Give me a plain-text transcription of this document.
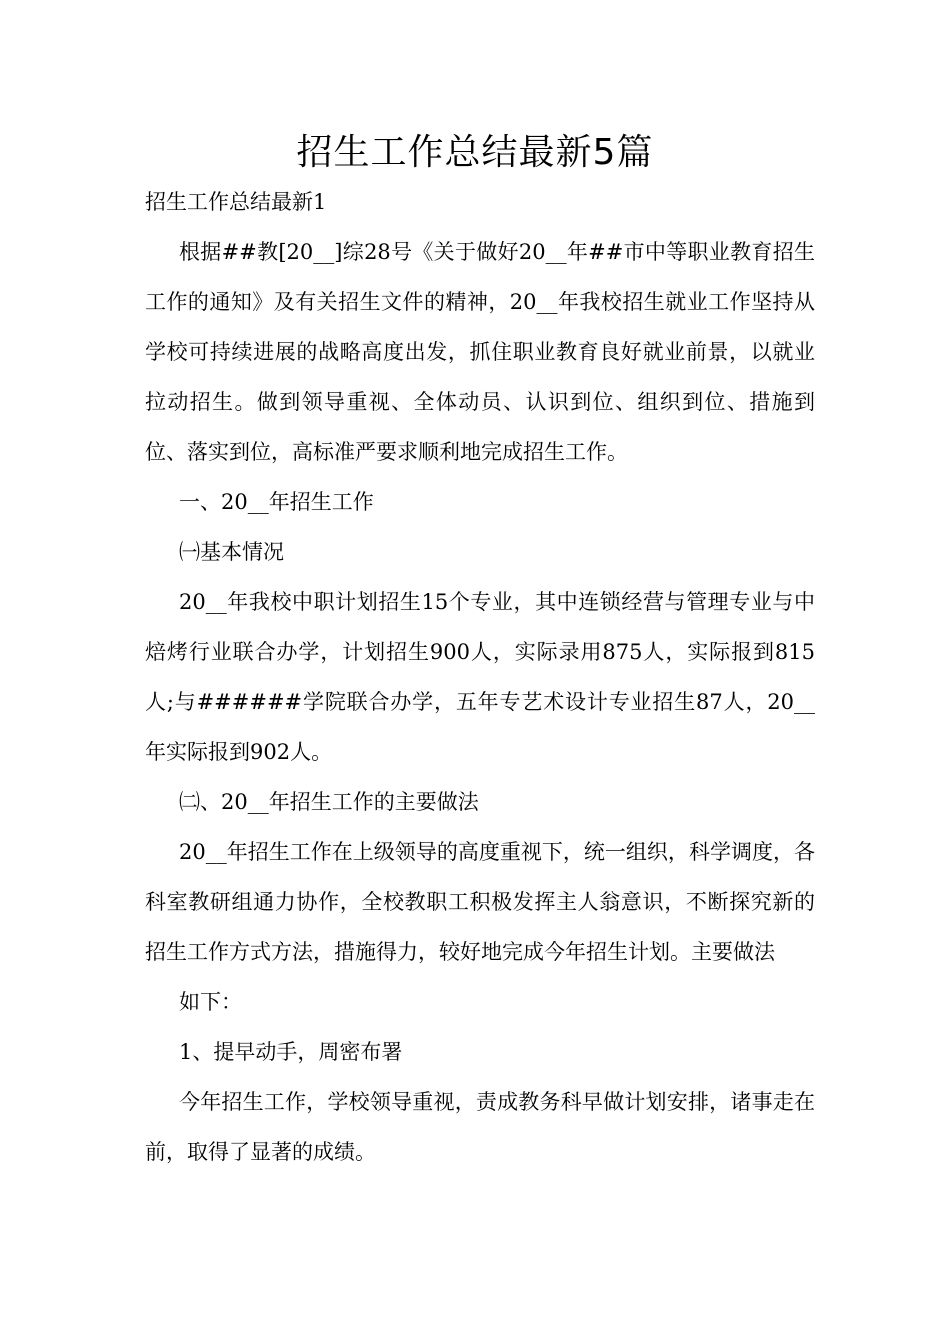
招生工作总结最新5篇

招生工作总结最新1

根据##教[20__]综28号《关于做好20__年##市中等职业教育招生工作的通知》及有关招生文件的精神，20__年我校招生就业工作坚持从学校可持续进展的战略高度出发，抓住职业教育良好就业前景，以就业拉动招生。做到领导重视、全体动员、认识到位、组织到位、措施到位、落实到位，高标准严要求顺利地完成招生工作。

一、20__年招生工作

㈠基本情况

20__年我校中职计划招生15个专业，其中连锁经营与管理专业与中焙烤行业联合办学，计划招生900人，实际录用875人，实际报到815人;与######学院联合办学，五年专艺术设计专业招生87人，20__年实际报到902人。

㈡、20__年招生工作的主要做法

20__年招生工作在上级领导的高度重视下，统一组织，科学调度，各科室教研组通力协作，全校教职工积极发挥主人翁意识，不断探究新的招生工作方式方法，措施得力，较好地完成今年招生计划。主要做法

如下：

1、提早动手，周密布署

今年招生工作，学校领导重视，责成教务科早做计划安排，诸事走在前，取得了显著的成绩。
